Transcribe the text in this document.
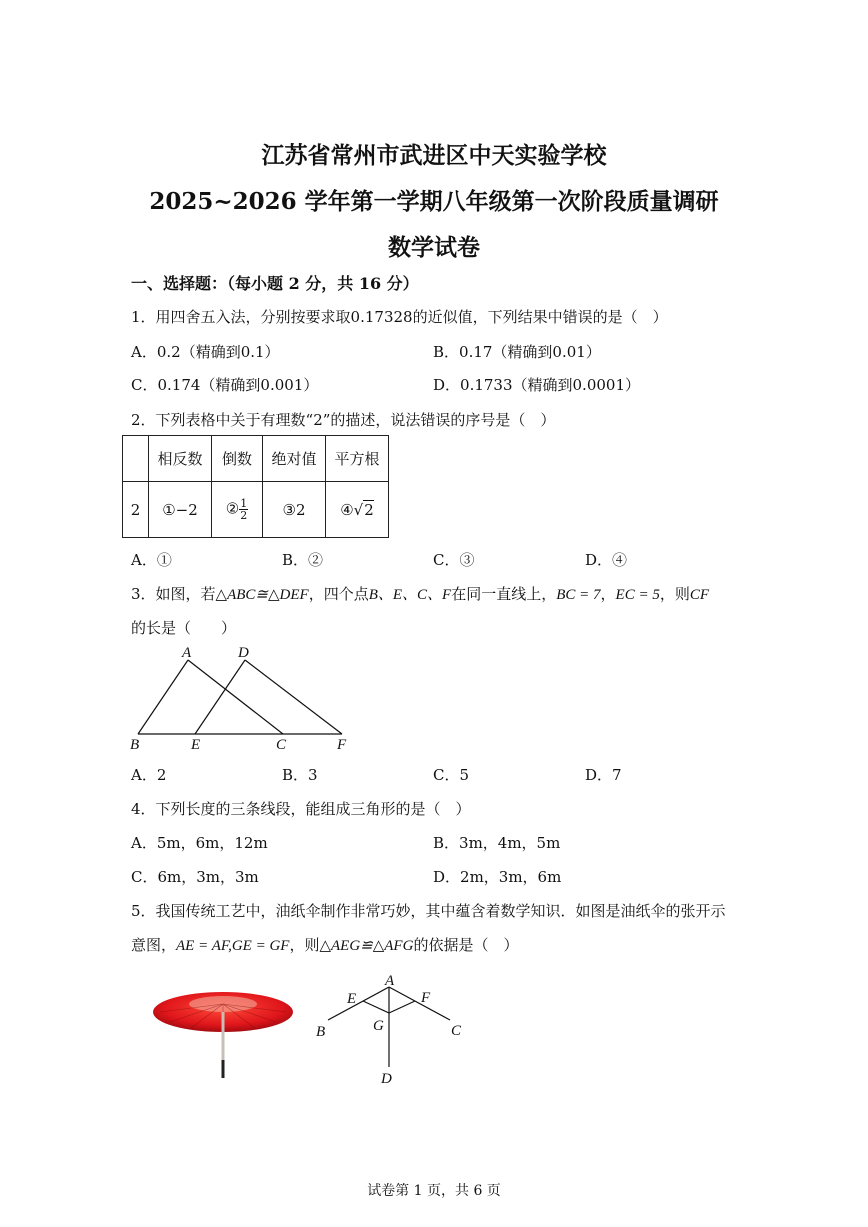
江苏省常州市武进区中天实验学校
2025~2026 学年第一学期八年级第一次阶段质量调研
数学试卷
一、选择题：（每小题 2 分，共 16 分）
1．用四舍五入法，分别按要求取0.17328的近似值，下列结果中错误的是（　）
A．0.2（精确到0.1）	B．0.17（精确到0.01）
C．0.174（精确到0.001）	D．0.1733（精确到0.0001）
2．下列表格中关于有理数“2”的描述，说法错误的序号是（　）
	相反数	倒数	绝对值	平方根
2	①−2	② $\frac{1}{2}$	③2	④√2
A．①	B．②	C．③	D．④
3．如图，若△ABC≅△DEF，四个点B、E、C、F在同一直线上，BC = 7，EC = 5，则CF
的长是（　　）
A	D
B	E	C	F
A．2	B．3	C．5	D．7
4．下列长度的三条线段，能组成三角形的是（　）
A．5m，6m，12m	B．3m，4m，5m
C．6m，3m，3m	D．2m，3m，6m
5．我国传统工艺中，油纸伞制作非常巧妙，其中蕴含着数学知识．如图是油纸伞的张开示
意图，AE = AF,GE = GF，则△AEG≌△AFG的依据是（　）
A
E	F
B	G	C
D
试卷第 1 页，共 6 页
